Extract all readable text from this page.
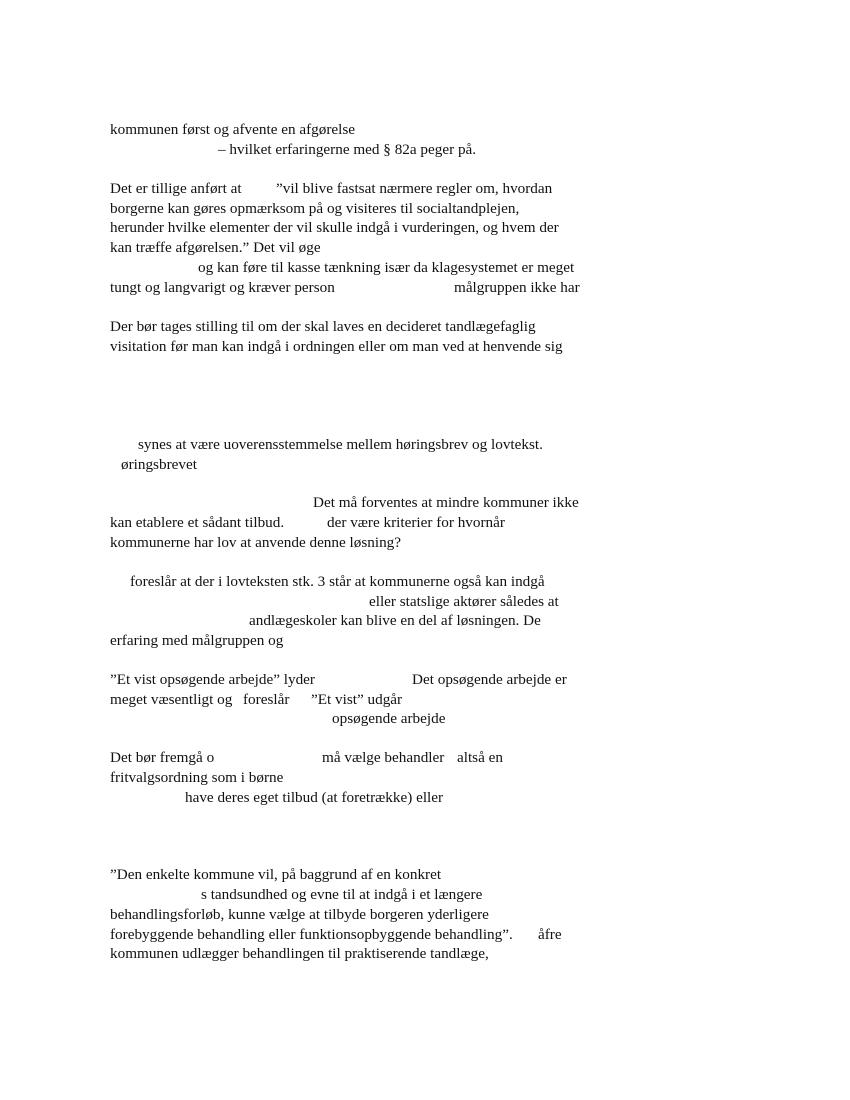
kommunen først og afvente en afgørelse
– hvilket erfaringerne med § 82a peger på.
Det er tillige anført at ”vil blive fastsat nærmere regler om, hvordan
borgerne kan gøres opmærksom på og visiteres til socialtandplejen,
herunder hvilke elementer der vil skulle indgå i vurderingen, og hvem der
kan træffe afgørelsen.” Det vil øge
og kan føre til kasse tænkning især da klagesystemet er meget
tungt og langvarigt og kræver person	målgruppen ikke har
Der bør tages stilling til om der skal laves en decideret tandlægefaglig
visitation før man kan indgå i ordningen eller om man ved at henvende sig
synes at være uoverensstemmelse mellem høringsbrev og lovtekst.
øringsbrevet
Det må forventes at mindre kommuner ikke
kan etablere et sådant tilbud.	der være kriterier for hvornår
kommunerne har lov at anvende denne løsning?
foreslår at der i lovteksten stk. 3 står at kommunerne også kan indgå
eller statslige aktører således at
andlægeskoler kan blive en del af løsningen. De
erfaring med målgruppen og
”Et vist opsøgende arbejde” lyder	Det opsøgende arbejde er
meget væsentligt og foreslår ”Et vist” udgår
opsøgende arbejde
Det bør fremgå o	må vælge behandler altså en
fritvalgsordning som i børne
have deres eget tilbud (at foretrække) eller
”Den enkelte kommune vil, på baggrund af en konkret
s tandsundhed og evne til at indgå i et længere
behandlingsforløb, kunne vælge at tilbyde borgeren yderligere
forebyggende behandling eller funktionsopbyggende behandling”. åfre
kommunen udlægger behandlingen til praktiserende tandlæge,
